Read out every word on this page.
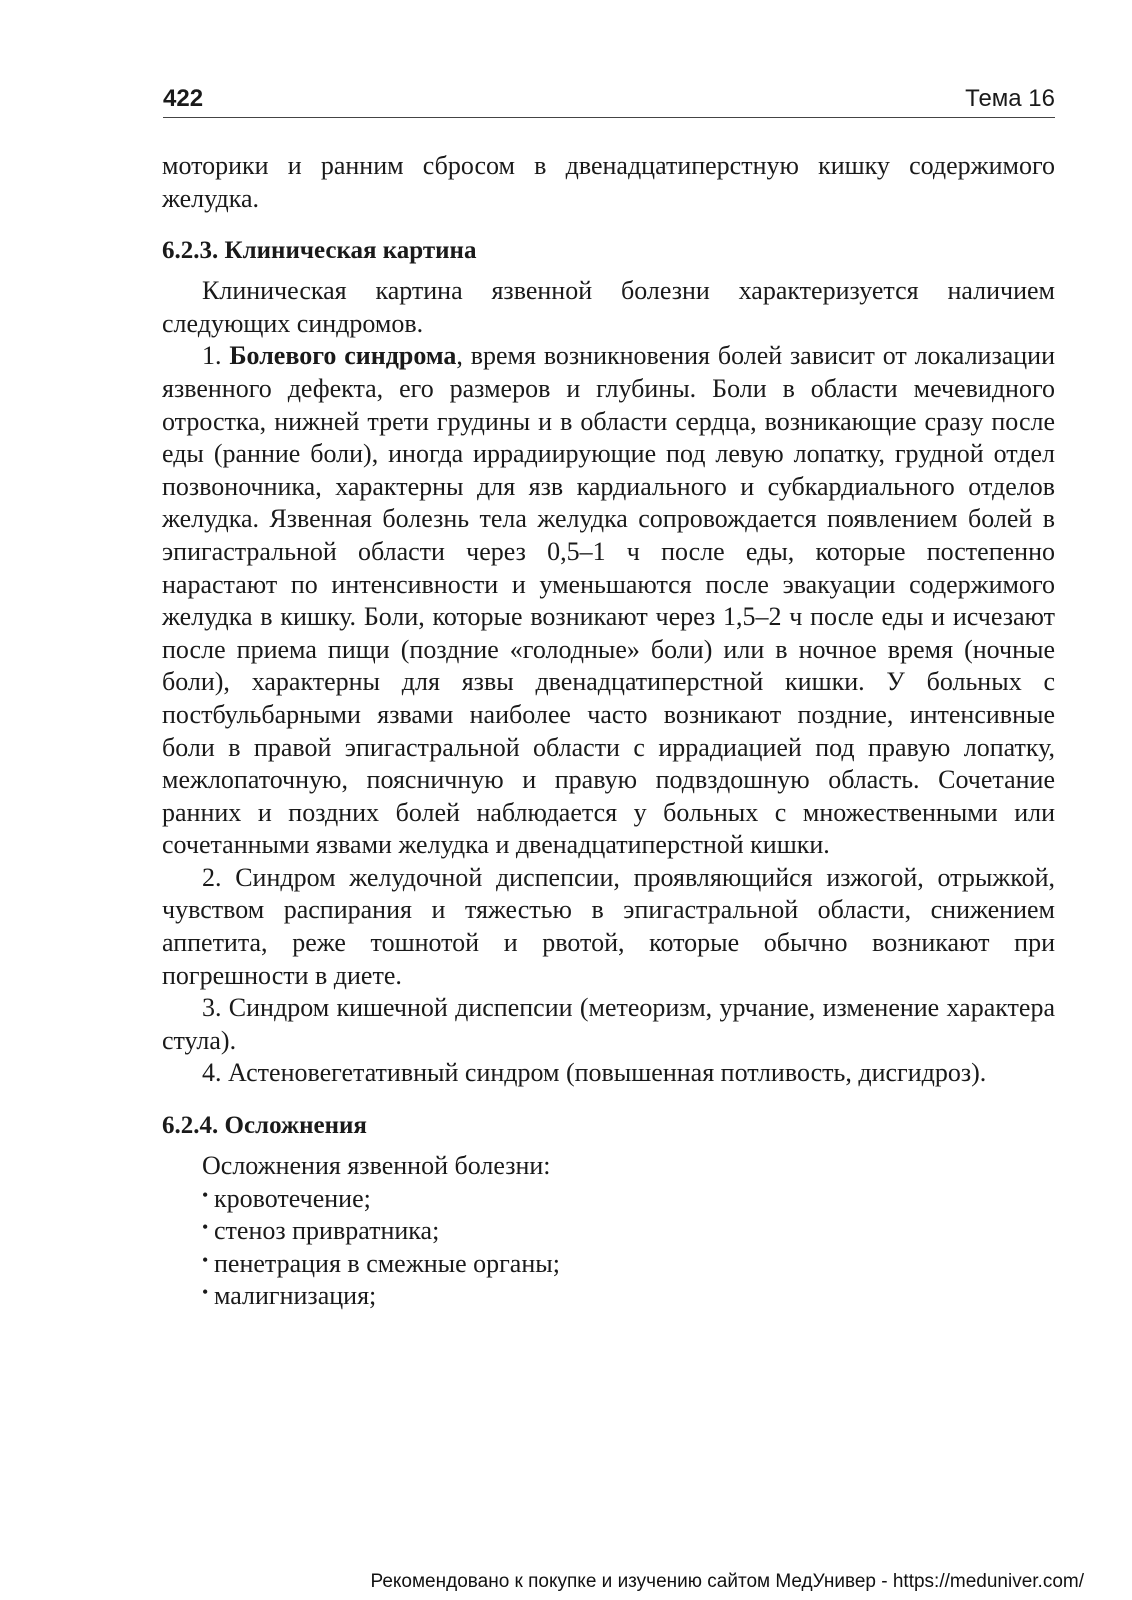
422	Тема 16

моторики и ранним сбросом в двенадцатиперстную кишку содержимого желудка.

6.2.3. Клиническая картина

Клиническая картина язвенной болезни характеризуется наличием следующих синдромов.

1. Болевого синдрома, время возникновения болей зависит от локализации язвенного дефекта, его размеров и глубины. Боли в области мечевидного отростка, нижней трети грудины и в области сердца, возникающие сразу после еды (ранние боли), иногда иррадиирующие под левую лопатку, грудной отдел позвоночника, характерны для язв кардиального и субкардиального отделов желудка. Язвенная болезнь тела желудка сопровождается появлением болей в эпигастральной области через 0,5–1 ч после еды, которые постепенно нарастают по интенсивности и уменьшаются после эвакуации содержимого желудка в кишку. Боли, которые возникают через 1,5–2 ч после еды и исчезают после приема пищи (поздние «голодные» боли) или в ночное время (ночные боли), характерны для язвы двенадцатиперстной кишки. У больных с постбульбарными язвами наиболее часто возникают поздние, интенсивные боли в правой эпигастральной области с иррадиацией под правую лопатку, межлопаточную, поясничную и правую подвздошную область. Сочетание ранних и поздних болей наблюдается у больных с множественными или сочетанными язвами желудка и двенадцатиперстной кишки.

2. Синдром желудочной диспепсии, проявляющийся изжогой, отрыжкой, чувством распирания и тяжестью в эпигастральной области, снижением аппетита, реже тошнотой и рвотой, которые обычно возникают при погрешности в диете.

3. Синдром кишечной диспепсии (метеоризм, урчание, изменение характера стула).

4. Астеновегетативный синдром (повышенная потливость, дисгидроз).

6.2.4. Осложнения

Осложнения язвенной болезни:

• кровотечение;
• стеноз привратника;
• пенетрация в смежные органы;
• малигнизация;
Рекомендовано к покупке и изучению сайтом МедУнивер - https://meduniver.com/
